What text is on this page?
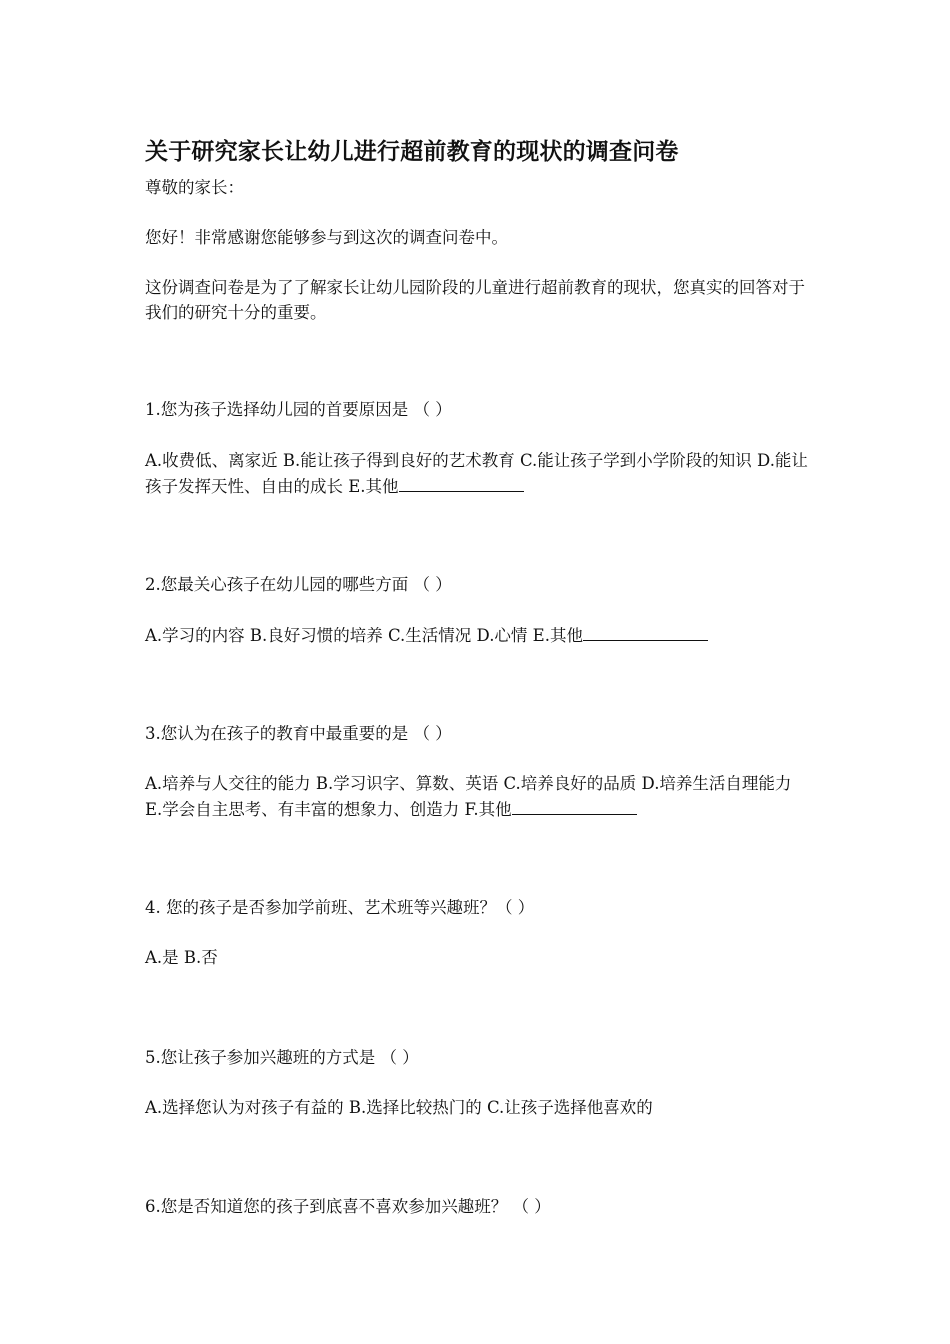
关于研究家长让幼儿进行超前教育的现状的调查问卷
尊敬的家长：
您好！非常感谢您能够参与到这次的调查问卷中。
这份调查问卷是为了了解家长让幼儿园阶段的儿童进行超前教育的现状，您真实的回答对于我们的研究十分的重要。
1.您为孩子选择幼儿园的首要原因是 （ ）
A.收费低、离家近 B.能让孩子得到良好的艺术教育 C.能让孩子学到小学阶段的知识 D.能让孩子发挥天性、自由的成长 E.其他
2.您最关心孩子在幼儿园的哪些方面 （ ）
A.学习的内容 B.良好习惯的培养 C.生活情况 D.心情 E.其他
3.您认为在孩子的教育中最重要的是 （ ）
A.培养与人交往的能力 B.学习识字、算数、英语 C.培养良好的品质 D.培养生活自理能力 E.学会自主思考、有丰富的想象力、创造力 F.其他
4. 您的孩子是否参加学前班、艺术班等兴趣班？（ ）
A.是 B.否
5.您让孩子参加兴趣班的方式是 （ ）
A.选择您认为对孩子有益的 B.选择比较热门的 C.让孩子选择他喜欢的
6.您是否知道您的孩子到底喜不喜欢参加兴趣班？ （ ）
